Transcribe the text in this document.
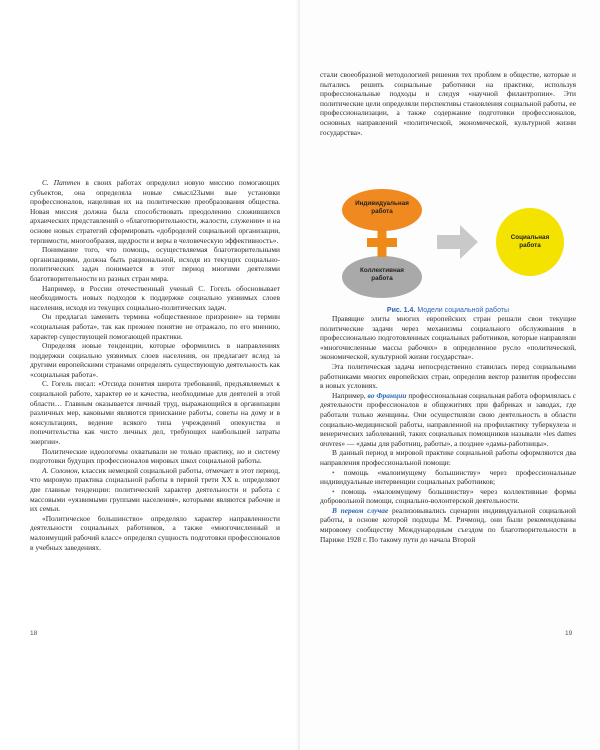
С. Паттен в своих работах определил новую миссию помогающих субъектов, она определяла новые смысл23ыми вые установки профессионалов, нацеливая их на политические преобразования общества. Новая миссия должна была способствовать преодолению сложившихся архаических представлений о «благотворительности, жалости, служении» и на основе новых стратегий сформировать «доброделей социальной организации, терпимости, многообразия, щедрости и веры в человеческую эффективность».

Понимание того, что помощь, осуществляемая благотворительными организациями, должна быть рациональной, исходя из текущих социально-политических задач понимается в этот период многими деятелями благотворительности из разных стран мира.

Например, в России отечественный ученый С. Гогель обосновывает необходимость новых подходов к поддержке социально уязвимых слоев населения, исходя из текущих социально-политических задач.

Он предлагал заменить термина «общественное призрение» на термин «социальная работа», так как прежнее понятие не отражало, по его мнению, характер существующей помогающей практики.

Определяя новые тенденции, которые оформились в направлениях поддержки социально уязвимых слоев населения, он предлагает вслед за другими европейскими странами определять существующую деятельность как «социальная работа».

С. Гогель писал: «Отсюда понятия широта требований, предъявляемых к социальной работе, характер ее и качества, необходимые для деятелей в этой области… Главным оказывается личный труд, выражающийся в организации различных мер, каковыми являются прииcкание работы, советы на дому и в консультациях, ведение всякого типа учреждений опекунства и попечительства как чисто личных дел, требующих наибольшей затраты энергии».

Политические идеологемы охватывали не только практику, но и систему подготовки будущих профессионалов мировых школ социальной работы.

А. Соломон, классик немецкой социальной работы, отмечает в этот период, что мировую практика социальной работы в первой трети XX в. определяют две главные тенденции: политический характер деятельности и работа с массовыми «уязвимыми группами населения», которыми являются рабочие и их семьи.

«Политическое большинство» определяло характер направленности деятельности социальных работников, а также «многочисленный и малоимущий рабочий класс» определял сущность подготовки профессионалов в учебных заведениях.

18

стали своеобразной методологией решения тех проблем в обществе, которые и пытались решить социальные работники на практике, используя профессиональные подходы и следуя «научной филантропии». Эти политические цели определяли перспективы становления социальной работы, ее профессионализации, а также содержание подготовки профессионалов, основных направлений «политической, экономической, культурной жизни государства».

Индивидуальная работа
Коллективная работа
Социальная работа
Рис. 1.4. Модели социальной работы

Правящие элиты многих европейских стран решали свои текущие политические задачи через механизмы социального обслуживания в профессионально подготовленных социальных работников, которые направляли «многочисленные массы рабочих» в определенное русло «политической, экономической, культурной жизни государства».

Эта политическая задача непосредственно ставилась перед социальными работниками многих европейских стран, определив вектор развития профессии в новых условиях.

Например, во Франции профессиональная социальная работа оформлялась с деятельности профессионалов в общежитиях при фабриках и заводах, где работали только женщины. Они осуществляли свою деятельность в области социально-медицинской работы, направленной на профилактику туберкулеза и венерических заболеваний, таких социальных помощников называли «les dames œuvres» — «дамы для работниц, работы», а позднее «дамы-работницы».

В данный период в мировой практике социальной работы оформляются два направления профессиональной помощи:

• помощь «малоимущему большинству» через профессиональные индивидуальные интервенции социальных работников;

• помощь «малоимущему большинству» через коллективные формы добровольной помощи, социально-волонтерской деятельности.

В первом случае реализовывались сценарии индивидуальной социальной работы, в основе которой подходы М. Ричмонд, они были рекомендованы мировому сообществу Международным съездом по благотворительности в Париже 1928 г. По такому пути до начала Второй

19
